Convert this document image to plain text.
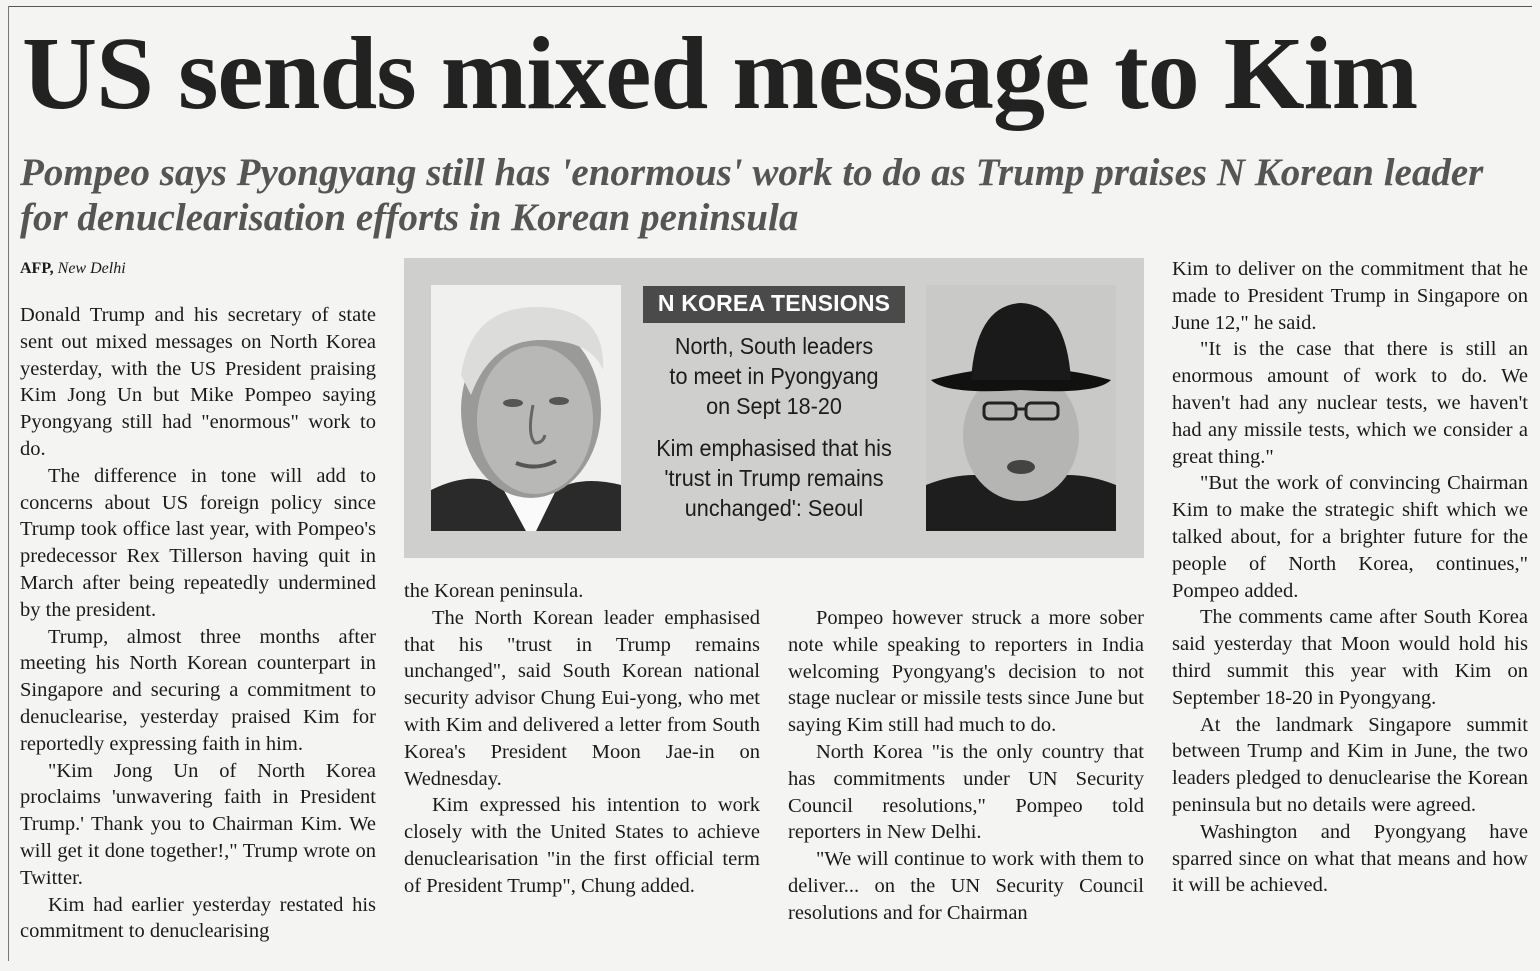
US sends mixed message to Kim
Pompeo says Pyongyang still has 'enormous' work to do as Trump praises N Korean leader for denuclearisation efforts in Korean peninsula
AFP, New Delhi

Donald Trump and his secretary of state sent out mixed messages on North Korea yesterday, with the US President praising Kim Jong Un but Mike Pompeo saying Pyongyang still had "enormous" work to do.

The difference in tone will add to concerns about US foreign policy since Trump took office last year, with Pompeo's predecessor Rex Tillerson having quit in March after being repeatedly undermined by the president.

Trump, almost three months after meeting his North Korean counterpart in Singapore and securing a commitment to denuclearise, yesterday praised Kim for reportedly expressing faith in him.

"Kim Jong Un of North Korea proclaims 'unwavering faith in President Trump.' Thank you to Chairman Kim. We will get it done together!," Trump wrote on Twitter.

Kim had earlier yesterday restated his commitment to denuclearising

N KOREA TENSIONS
North, South leaders
to meet in Pyongyang
on Sept 18-20
Kim emphasised that his
'trust in Trump remains
unchanged': Seoul

the Korean peninsula.

The North Korean leader emphasised that his "trust in Trump remains unchanged", said South Korean national security advisor Chung Eui-yong, who met with Kim and delivered a letter from South Korea's President Moon Jae-in on Wednesday.

Kim expressed his intention to work closely with the United States to achieve denuclearisation "in the first official term of President Trump", Chung added.

Pompeo however struck a more sober note while speaking to reporters in India welcoming Pyongyang's decision to not stage nuclear or missile tests since June but saying Kim still had much to do.

North Korea "is the only country that has commitments under UN Security Council resolutions," Pompeo told reporters in New Delhi.

"We will continue to work with them to deliver... on the UN Security Council resolutions and for Chairman

Kim to deliver on the commitment that he made to President Trump in Singapore on June 12," he said.

"It is the case that there is still an enormous amount of work to do. We haven't had any nuclear tests, we haven't had any missile tests, which we consider a great thing."

"But the work of convincing Chairman Kim to make the strategic shift which we talked about, for a brighter future for the people of North Korea, continues," Pompeo added.

The comments came after South Korea said yesterday that Moon would hold his third summit this year with Kim on September 18-20 in Pyongyang.

At the landmark Singapore summit between Trump and Kim in June, the two leaders pledged to denuclearise the Korean peninsula but no details were agreed.

Washington and Pyongyang have sparred since on what that means and how it will be achieved.
